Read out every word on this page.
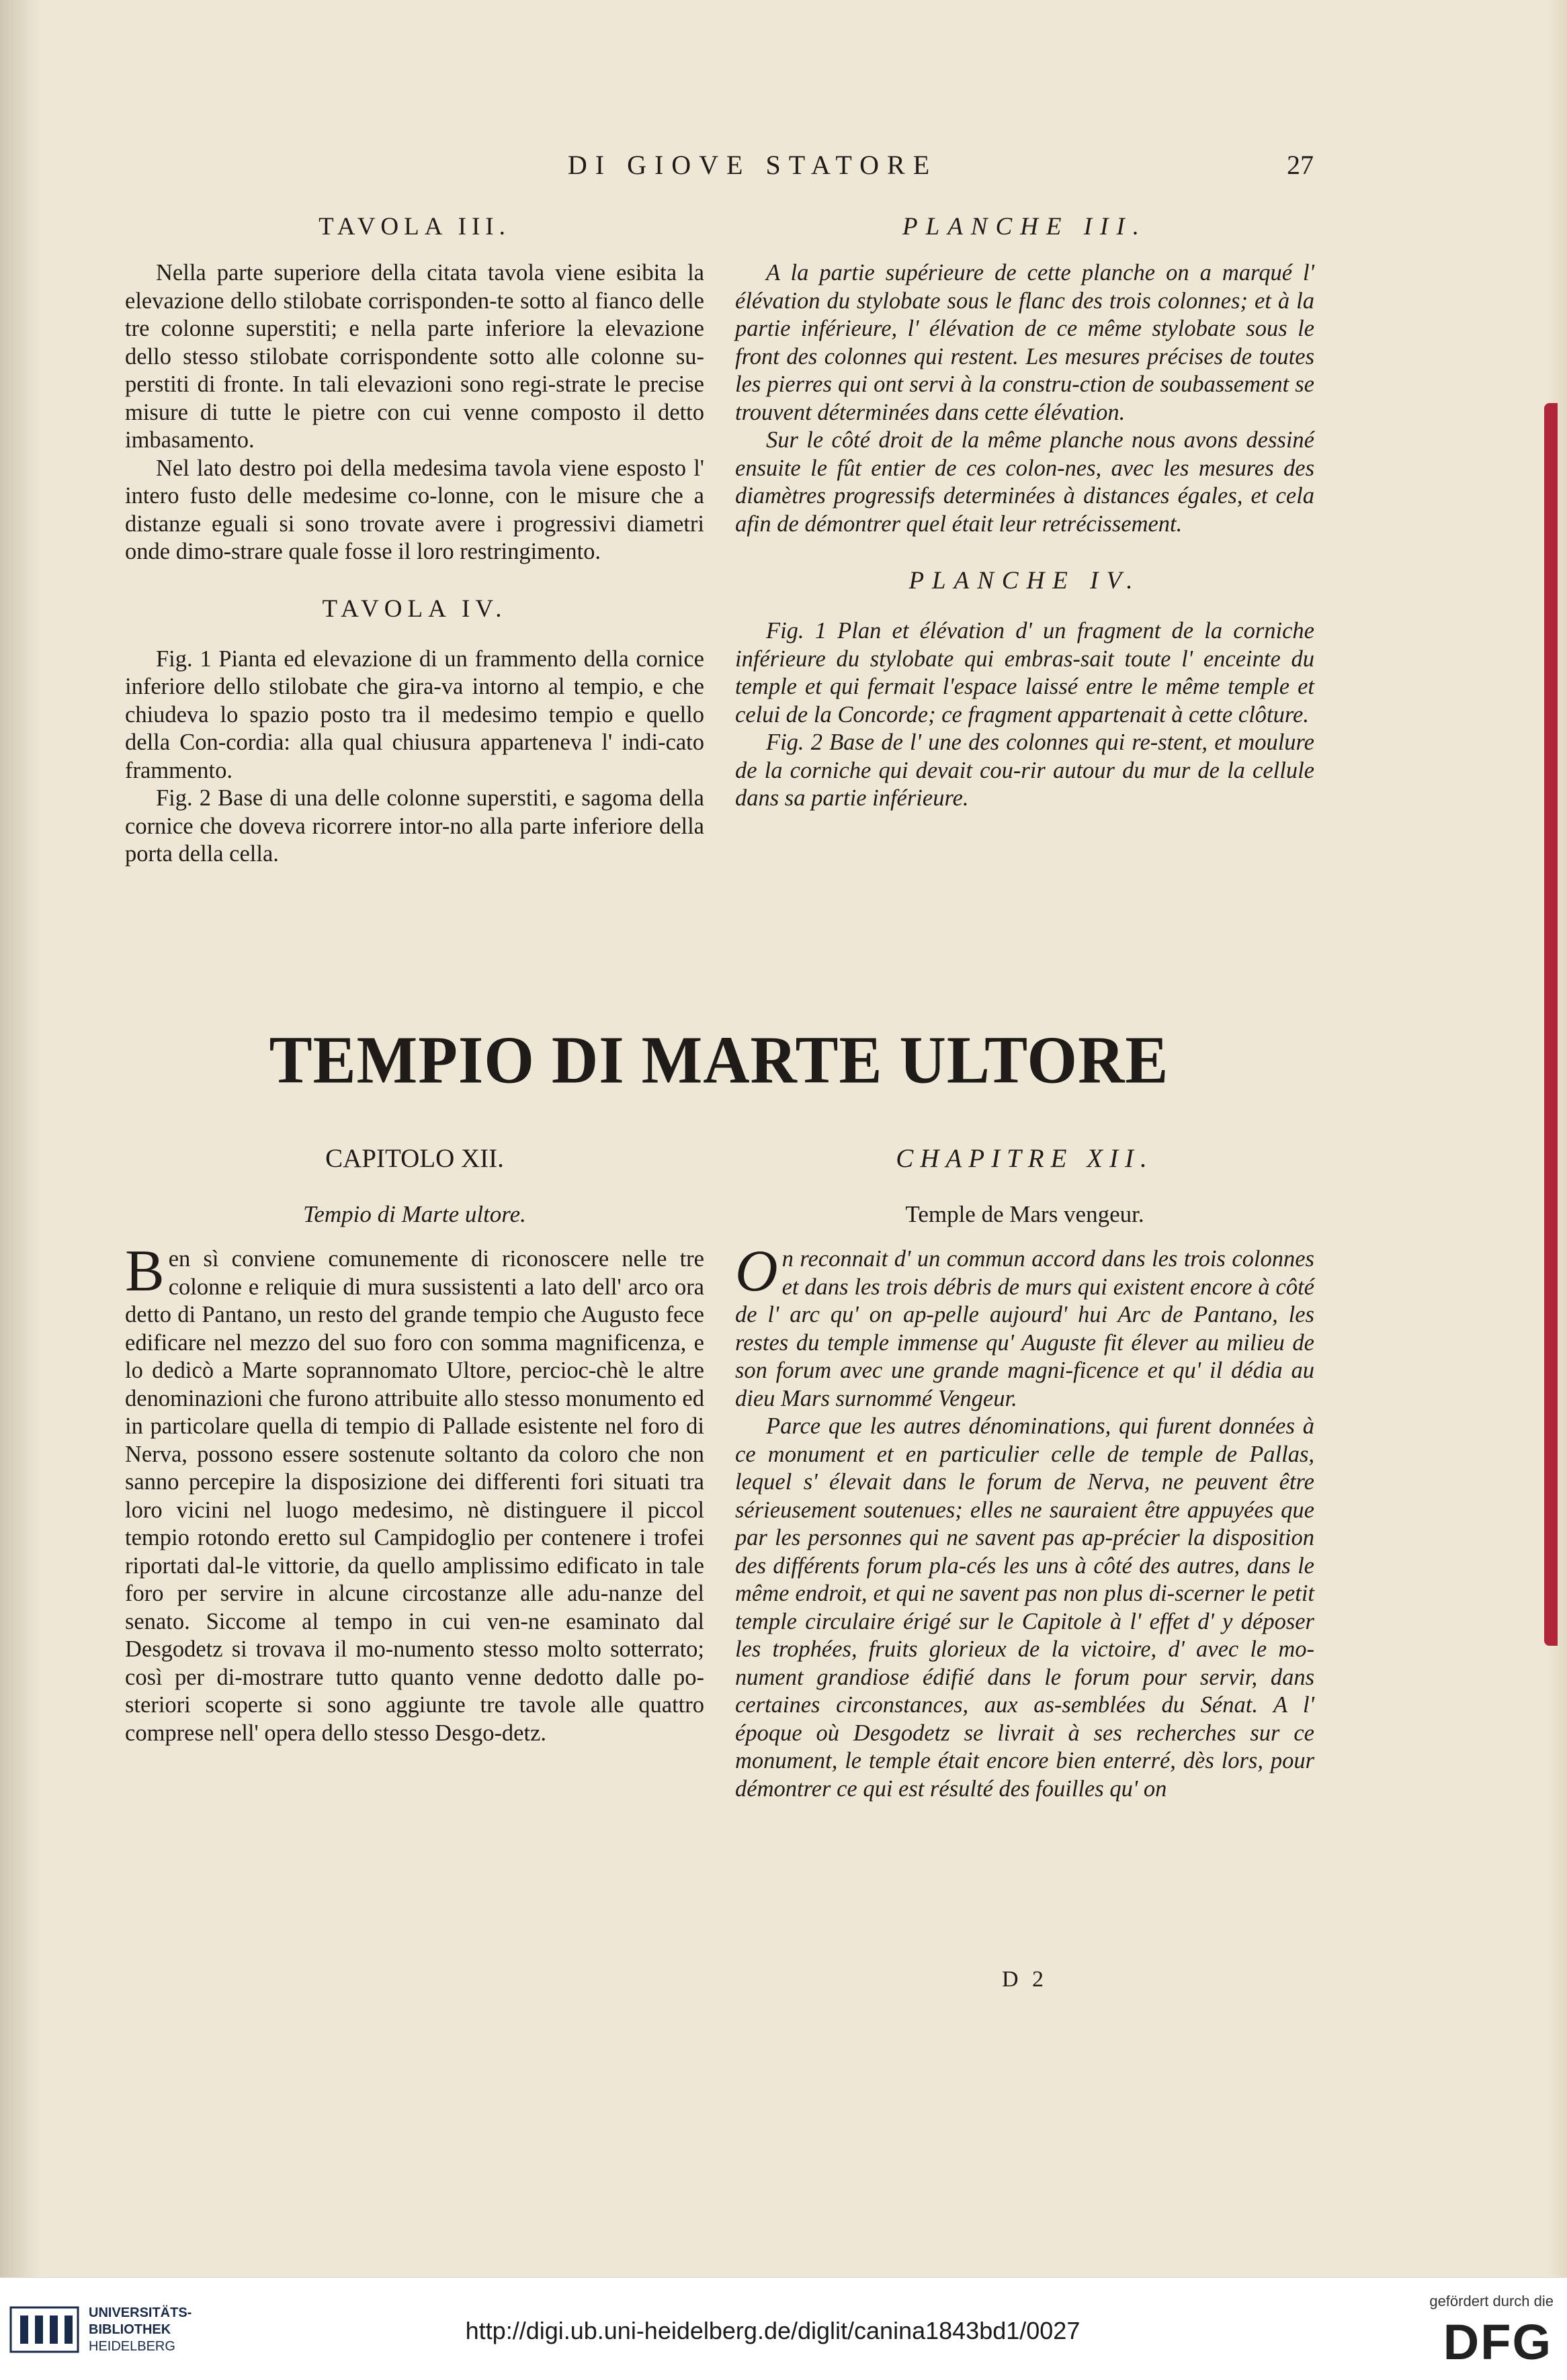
DI GIOVE STATORE	27
TAVOLA III.

Nella parte superiore della citata tavola viene esibita la elevazione dello stilobate corrisponden-te sotto al fianco delle tre colonne superstiti; e nella parte inferiore la elevazione dello stesso stilobate corrispondente sotto alle colonne su-perstiti di fronte. In tali elevazioni sono regi-strate le precise misure di tutte le pietre con cui venne composto il detto imbasamento.

Nel lato destro poi della medesima tavola viene esposto l' intero fusto delle medesime co-lonne, con le misure che a distanze eguali si sono trovate avere i progressivi diametri onde dimo-strare quale fosse il loro restringimento.

TAVOLA IV.

Fig. 1 Pianta ed elevazione di un frammento della cornice inferiore dello stilobate che gira-va intorno al tempio, e che chiudeva lo spazio posto tra il medesimo tempio e quello della Con-cordia: alla qual chiusura apparteneva l' indi-cato frammento.

Fig. 2 Base di una delle colonne superstiti, e sagoma della cornice che doveva ricorrere intor-no alla parte inferiore della porta della cella.

PLANCHE III.

A la partie supérieure de cette planche on a marqué l' élévation du stylobate sous le flanc des trois colonnes; et à la partie inférieure, l' élévation de ce même stylobate sous le front des colonnes qui restent. Les mesures précises de toutes les pierres qui ont servi à la constru-ction de soubassement se trouvent déterminées dans cette élévation.

Sur le côté droit de la même planche nous avons dessiné ensuite le fût entier de ces colon-nes, avec les mesures des diamètres progressifs determinées à distances égales, et cela afin de démontrer quel était leur retrécissement.

PLANCHE IV.

Fig. 1 Plan et élévation d' un fragment de la corniche inférieure du stylobate qui embras-sait toute l' enceinte du temple et qui fermait l'espace laissé entre le même temple et celui de la Concorde; ce fragment appartenait à cette clôture.

Fig. 2 Base de l' une des colonnes qui re-stent, et moulure de la corniche qui devait cou-rir autour du mur de la cellule dans sa partie inférieure.

TEMPIO DI MARTE ULTORE
CAPITOLO XII.
Tempio di Marte ultore.

Ben sì conviene comunemente di riconoscere nelle tre colonne e reliquie di mura sussistenti a lato dell' arco ora detto di Pantano, un resto del grande tempio che Augusto fece edificare nel mezzo del suo foro con somma magnificenza, e lo dedicò a Marte soprannomato Ultore, percioc-chè le altre denominazioni che furono attribuite allo stesso monumento ed in particolare quella di tempio di Pallade esistente nel foro di Nerva, possono essere sostenute soltanto da coloro che non sanno percepire la disposizione dei differenti fori situati tra loro vicini nel luogo medesimo, nè distinguere il piccol tempio rotondo eretto sul Campidoglio per contenere i trofei riportati dal-le vittorie, da quello amplissimo edificato in tale foro per servire in alcune circostanze alle adu-nanze del senato. Siccome al tempo in cui ven-ne esaminato dal Desgodetz si trovava il mo-numento stesso molto sotterrato; così per di-mostrare tutto quanto venne dedotto dalle po-steriori scoperte si sono aggiunte tre tavole alle quattro comprese nell' opera dello stesso Desgo-detz.

CHAPITRE XII.
Temple de Mars vengeur.

On reconnait d' un commun accord dans les trois colonnes et dans les trois débris de murs qui existent encore à côté de l' arc qu' on ap-pelle aujourd' hui Arc de Pantano, les restes du temple immense qu' Auguste fit élever au milieu de son forum avec une grande magni-ficence et qu' il dédia au dieu Mars surnommé Vengeur.

Parce que les autres dénominations, qui furent données à ce monument et en particulier celle de temple de Pallas, lequel s' élevait dans le forum de Nerva, ne peuvent être sérieusement soutenues; elles ne sauraient être appuyées que par les personnes qui ne savent pas ap-précier la disposition des différents forum pla-cés les uns à côté des autres, dans le même endroit, et qui ne savent pas non plus di-scerner le petit temple circulaire érigé sur le Capitole à l' effet d' y déposer les trophées, fruits glorieux de la victoire, d' avec le mo-nument grandiose édifié dans le forum pour servir, dans certaines circonstances, aux as-semblées du Sénat. A l' époque où Desgodetz se livrait à ses recherches sur ce monument, le temple était encore bien enterré, dès lors, pour démontrer ce qui est résulté des fouilles qu' on

D 2
UNIVERSITÄTS-
BIBLIOTHEK
HEIDELBERG
http://digi.ub.uni-heidelberg.de/diglit/canina1843bd1/0027
gefördert durch die
DFG
